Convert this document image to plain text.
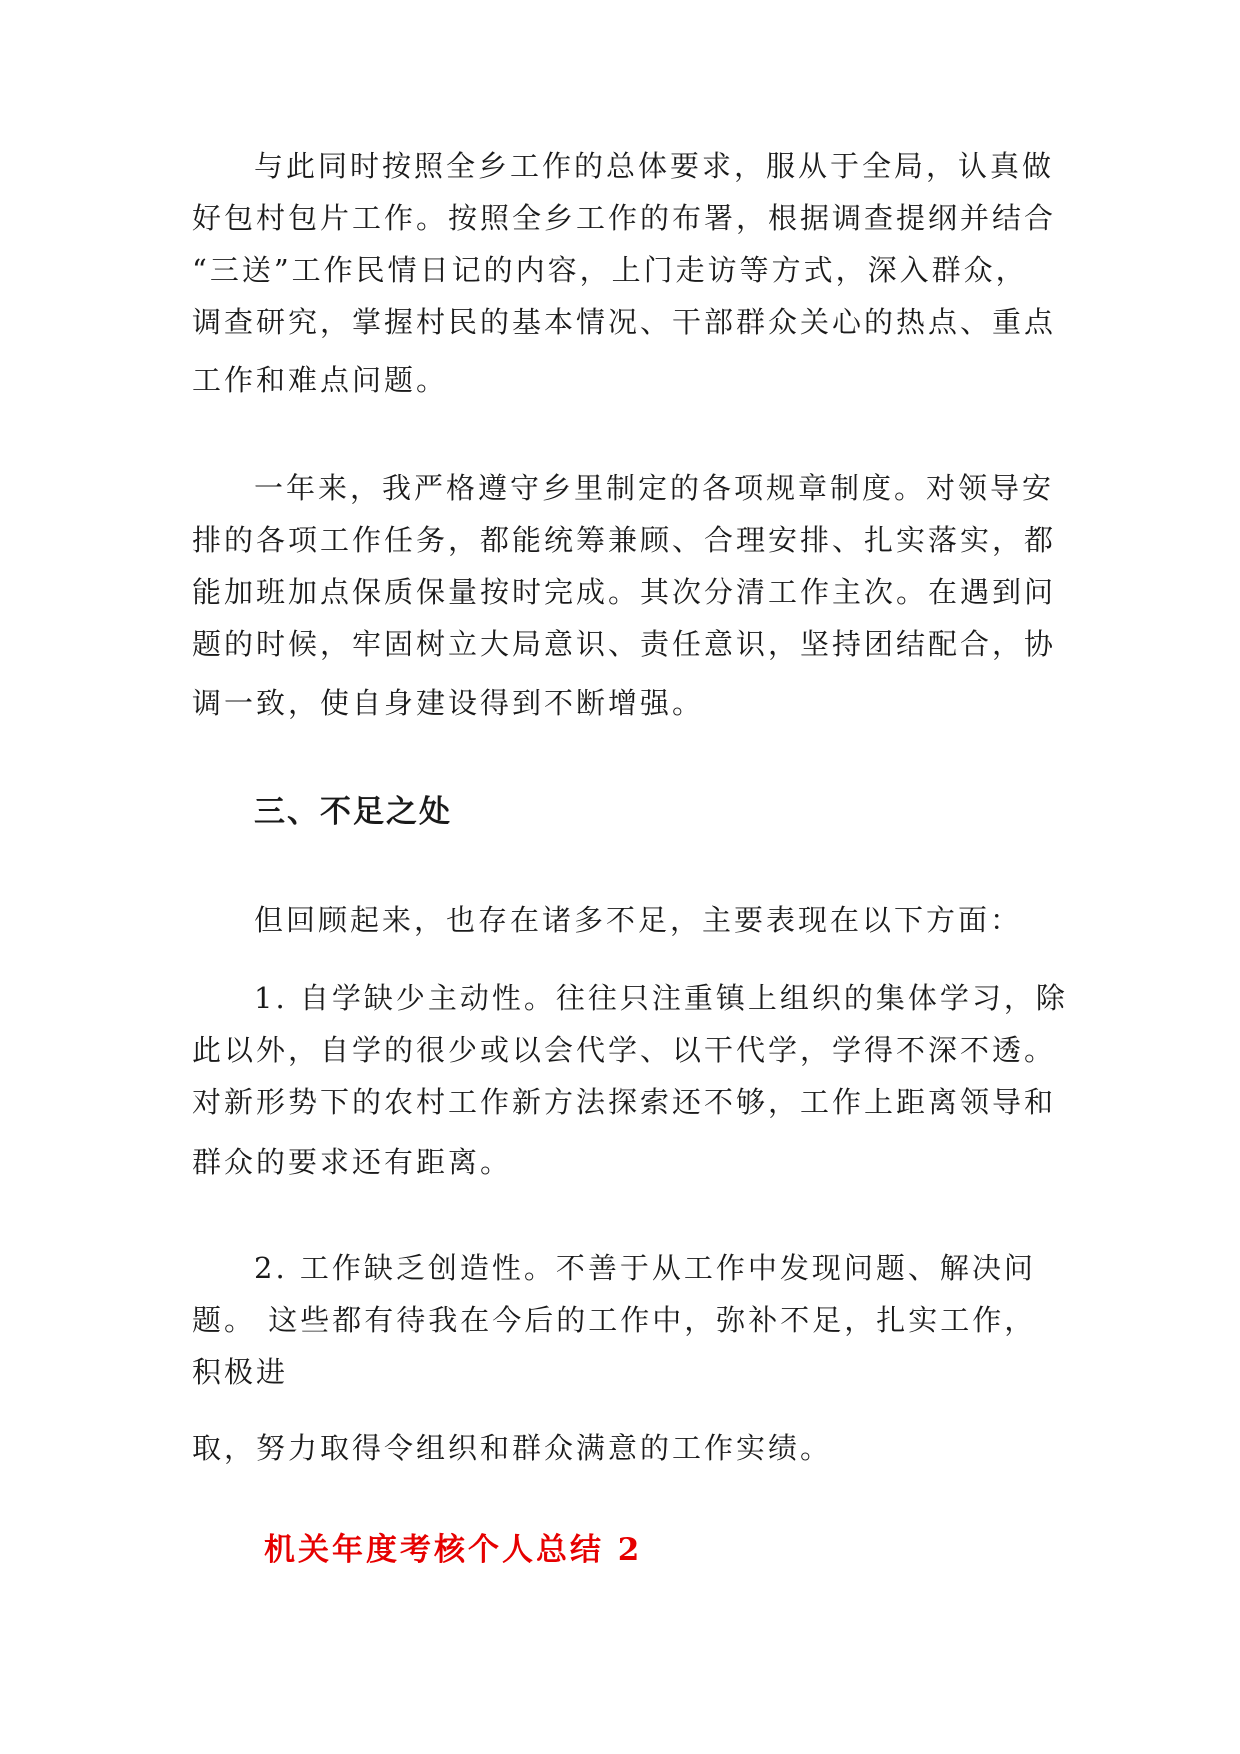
与此同时按照全乡工作的总体要求，服从于全局，认真做

好包村包片工作。按照全乡工作的布署，根据调查提纲并结合

“三送”工作民情日记的内容，上门走访等方式，深入群众，

调查研究，掌握村民的基本情况、干部群众关心的热点、重点

工作和难点问题。

一年来，我严格遵守乡里制定的各项规章制度。对领导安

排的各项工作任务，都能统筹兼顾、合理安排、扎实落实，都

能加班加点保质保量按时完成。其次分清工作主次。在遇到问

题的时候，牢固树立大局意识、责任意识，坚持团结配合，协

调一致，使自身建设得到不断增强。

三、不足之处

但回顾起来，也存在诸多不足，主要表现在以下方面：

1. 自学缺少主动性。往往只注重镇上组织的集体学习，除

此以外，自学的很少或以会代学、以干代学，学得不深不透。

对新形势下的农村工作新方法探索还不够，工作上距离领导和

群众的要求还有距离。

2. 工作缺乏创造性。不善于从工作中发现问题、解决问

题。 这些都有待我在今后的工作中，弥补不足，扎实工作，

积极进

取，努力取得令组织和群众满意的工作实绩。

机关年度考核个人总结 2
